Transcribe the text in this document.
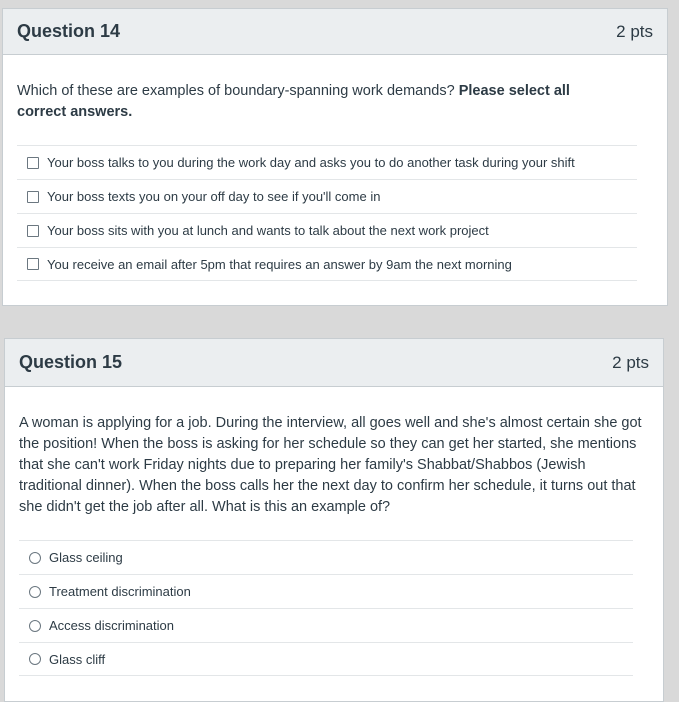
Question 14	2 pts
Which of these are examples of boundary-spanning work demands? Please select all correct answers.
Your boss talks to you during the work day and asks you to do another task during your shift
Your boss texts you on your off day to see if you'll come in
Your boss sits with you at lunch and wants to talk about the next work project
You receive an email after 5pm that requires an answer by 9am the next morning
Question 15	2 pts
A woman is applying for a job. During the interview, all goes well and she's almost certain she got the position! When the boss is asking for her schedule so they can get her started, she mentions that she can't work Friday nights due to preparing her family's Shabbat/Shabbos (Jewish traditional dinner). When the boss calls her the next day to confirm her schedule, it turns out that she didn't get the job after all. What is this an example of?
Glass ceiling
Treatment discrimination
Access discrimination
Glass cliff
